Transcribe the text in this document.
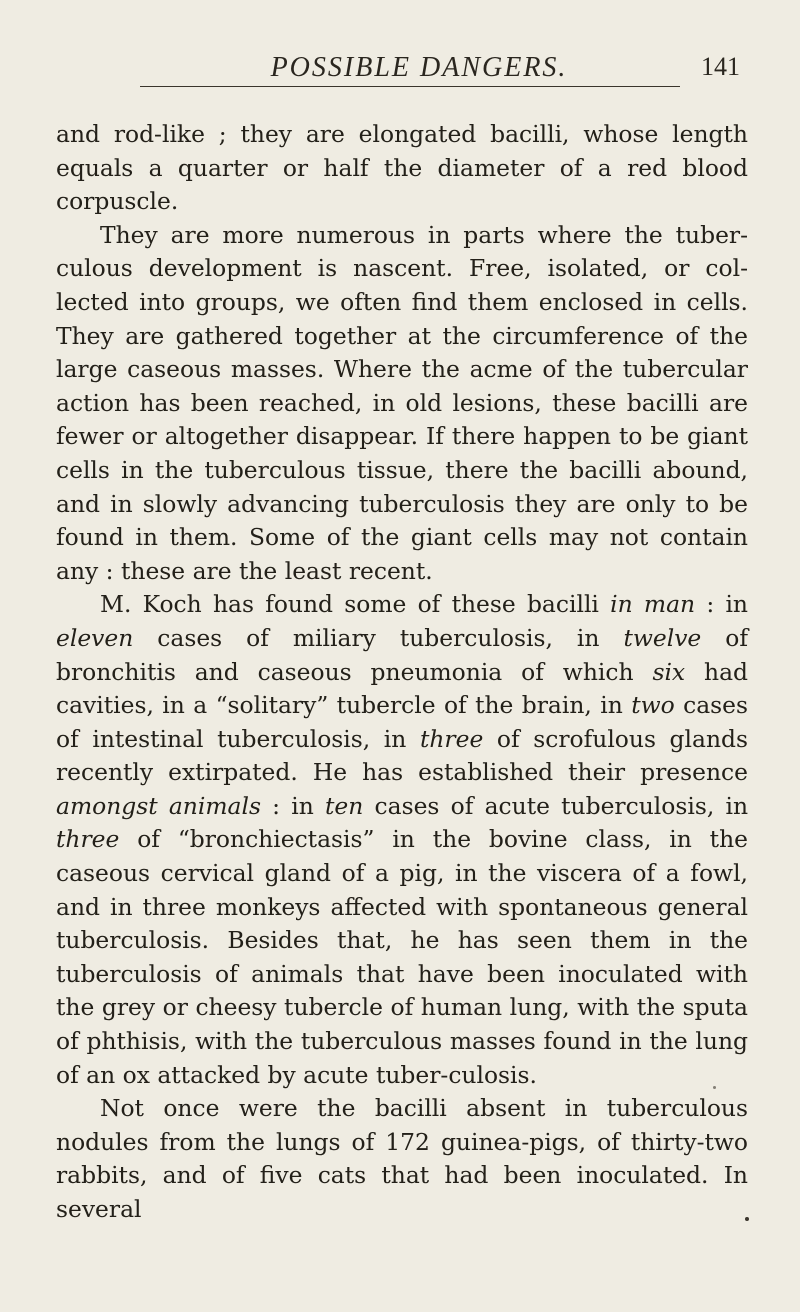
POSSIBLE DANGERS.	141

and rod-like ; they are elongated bacilli, whose length equals a quarter or half the diameter of a red blood corpuscle.

They are more numerous in parts where the tuber-culous development is nascent. Free, isolated, or col-lected into groups, we often find them enclosed in cells. They are gathered together at the circumference of the large caseous masses. Where the acme of the tubercular action has been reached, in old lesions, these bacilli are fewer or altogether disappear. If there happen to be giant cells in the tuberculous tissue, there the bacilli abound, and in slowly advancing tuberculosis they are only to be found in them. Some of the giant cells may not contain any : these are the least recent.

M. Koch has found some of these bacilli in man : in eleven cases of miliary tuberculosis, in twelve of bronchitis and caseous pneumonia of which six had cavities, in a “solitary” tubercle of the brain, in two cases of intestinal tuberculosis, in three of scrofulous glands recently extirpated. He has established their presence amongst animals : in ten cases of acute tuberculosis, in three of “bronchiectasis” in the bovine class, in the caseous cervical gland of a pig, in the viscera of a fowl, and in three monkeys affected with spontaneous general tuberculosis. Besides that, he has seen them in the tuberculosis of animals that have been inoculated with the grey or cheesy tubercle of human lung, with the sputa of phthisis, with the tuberculous masses found in the lung of an ox attacked by acute tuber-culosis.

Not once were the bacilli absent in tuberculous nodules from the lungs of 172 guinea-pigs, of thirty-two rabbits, and of five cats that had been inoculated. In several
